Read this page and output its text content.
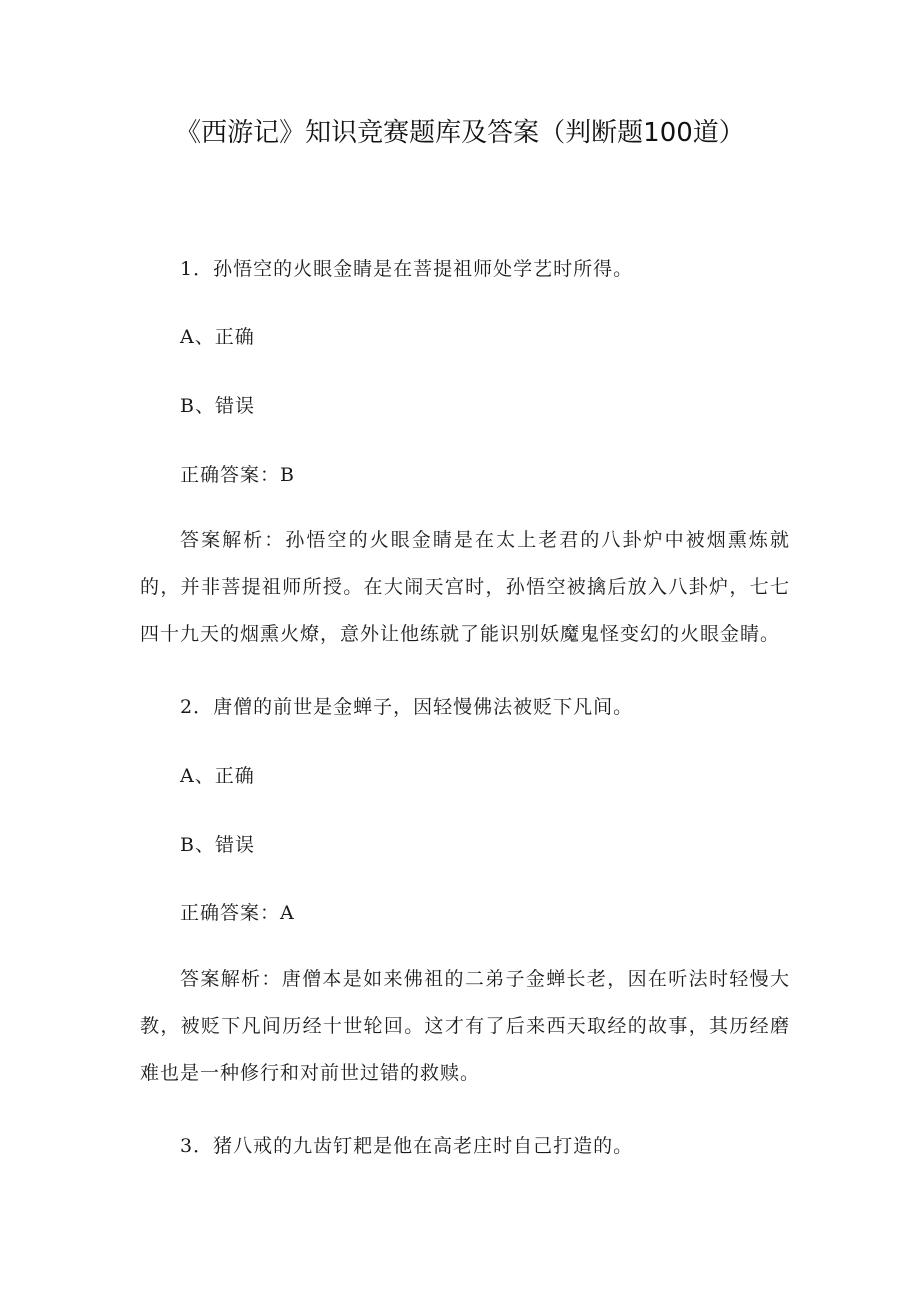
《西游记》知识竞赛题库及答案（判断题100道）
1．孙悟空的火眼金睛是在菩提祖师处学艺时所得。
A、正确
B、错误
正确答案：B
答案解析：孙悟空的火眼金睛是在太上老君的八卦炉中被烟熏炼就的，并非菩提祖师所授。在大闹天宫时，孙悟空被擒后放入八卦炉，七七四十九天的烟熏火燎，意外让他练就了能识别妖魔鬼怪变幻的火眼金睛。
2．唐僧的前世是金蝉子，因轻慢佛法被贬下凡间。
A、正确
B、错误
正确答案：A
答案解析：唐僧本是如来佛祖的二弟子金蝉长老，因在听法时轻慢大教，被贬下凡间历经十世轮回。这才有了后来西天取经的故事，其历经磨难也是一种修行和对前世过错的救赎。
3．猪八戒的九齿钉耙是他在高老庄时自己打造的。
